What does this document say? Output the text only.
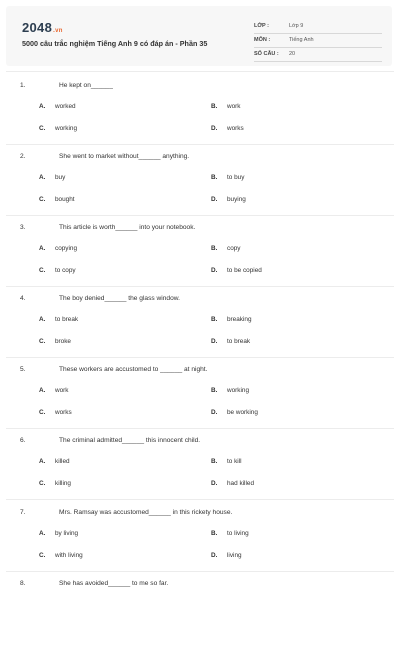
2048.vn
5000 câu trắc nghiệm Tiếng Anh 9 có đáp án - Phần 35
LỚP :	Lớp 9
MÔN :	Tiếng Anh
SỐ CÂU : 20
1.	He kept on______
A. worked	B. work
C. working	D. works
2.	She went to market without______ anything.
A. buy	B. to buy
C. bought	D. buying
3.	This article is worth______ into your notebook.
A. copying	B. copy
C. to copy	D. to be copied
4.	The boy denied______ the glass window.
A. to break	B. breaking
C. broke	D. to break
5.	These workers are accustomed to ______ at night.
A. work	B. working
C. works	D. be working
6.	The criminal admitted______ this innocent child.
A. killed	B. to kill
C. killing	D. had killed
7.	Mrs. Ramsay was accustomed______ in this rickety house.
A. by living	B. to living
C. with living	D. living
8.	She has avoided______ to me so far.
